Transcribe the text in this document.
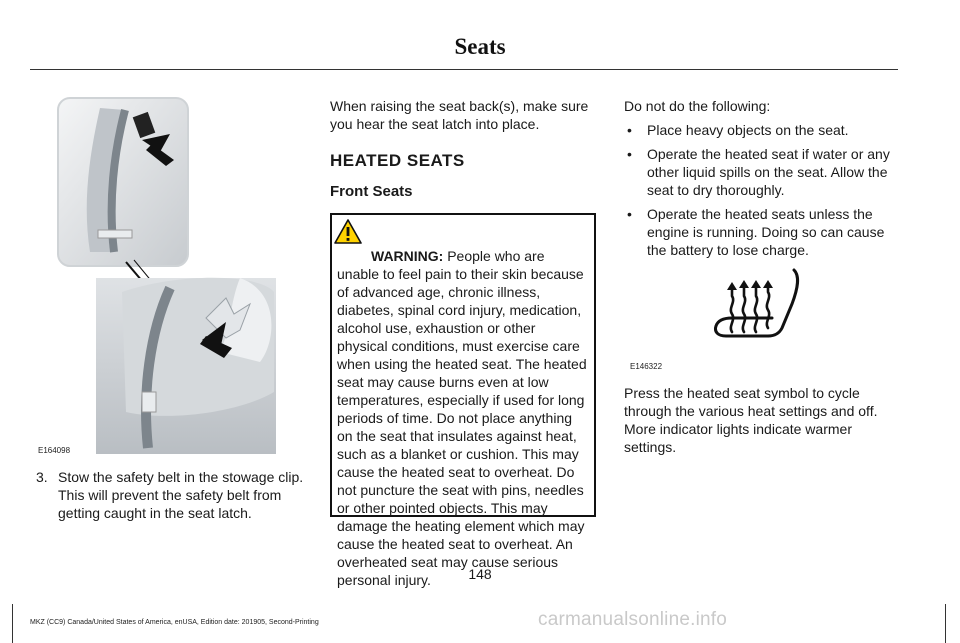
Seats
E164098
3. Stow the safety belt in the stowage clip. This will prevent the safety belt from getting caught in the seat latch.

When raising the seat back(s), make sure you hear the seat latch into place.

HEATED SEATS
Front Seats

WARNING: People who are unable to feel pain to their skin because of advanced age, chronic illness, diabetes, spinal cord injury, medication, alcohol use, exhaustion or other physical conditions, must exercise care when using the heated seat. The heated seat may cause burns even at low temperatures, especially if used for long periods of time. Do not place anything on the seat that insulates against heat, such as a blanket or cushion. This may cause the heated seat to overheat. Do not puncture the seat with pins, needles or other pointed objects. This may damage the heating element which may cause the heated seat to overheat. An overheated seat may cause serious personal injury.

Do not do the following:
• Place heavy objects on the seat.
• Operate the heated seat if water or any other liquid spills on the seat. Allow the seat to dry thoroughly.
• Operate the heated seats unless the engine is running. Doing so can cause the battery to lose charge.
E146322
Press the heated seat symbol to cycle through the various heat settings and off. More indicator lights indicate warmer settings.
148
MKZ (CC9) Canada/United States of America, enUSA, Edition date: 201905, Second-Printing	carmanualsonline.info
